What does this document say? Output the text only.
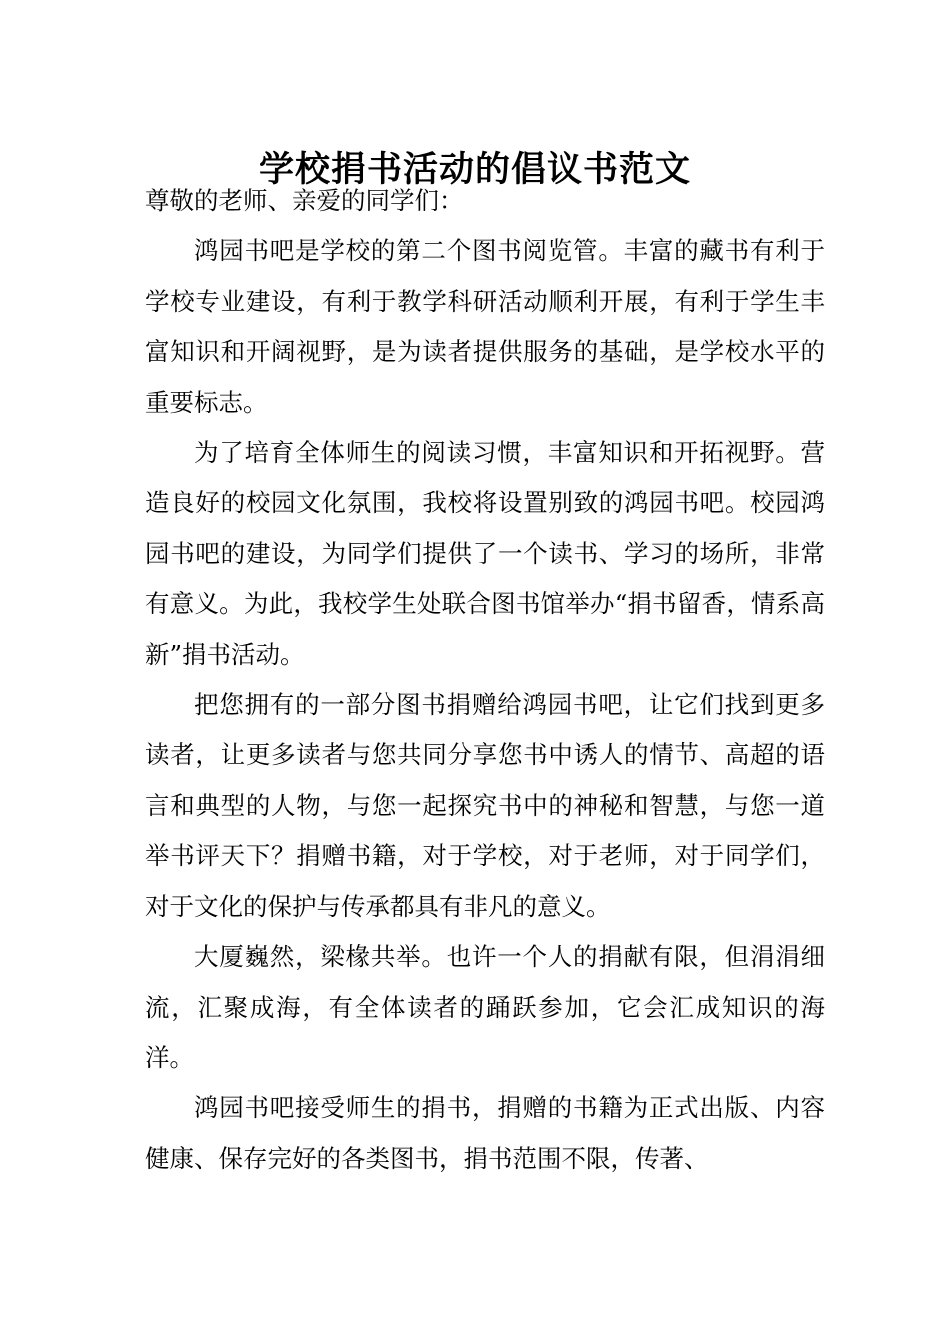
学校捐书活动的倡议书范文

尊敬的老师、亲爱的同学们：

鸿园书吧是学校的第二个图书阅览管。丰富的藏书有利于学校专业建设，有利于教学科研活动顺利开展，有利于学生丰富知识和开阔视野，是为读者提供服务的基础，是学校水平的重要标志。

为了培育全体师生的阅读习惯，丰富知识和开拓视野。营造良好的校园文化氛围，我校将设置别致的鸿园书吧。校园鸿园书吧的建设，为同学们提供了一个读书、学习的场所，非常有意义。为此，我校学生处联合图书馆举办“捐书留香，情系高新”捐书活动。

把您拥有的一部分图书捐赠给鸿园书吧，让它们找到更多读者，让更多读者与您共同分享您书中诱人的情节、高超的语言和典型的人物，与您一起探究书中的神秘和智慧，与您一道举书评天下？捐赠书籍，对于学校，对于老师，对于同学们，对于文化的保护与传承都具有非凡的意义。

大厦巍然，梁椽共举。也许一个人的捐献有限，但涓涓细流，汇聚成海，有全体读者的踊跃参加，它会汇成知识的海洋。

鸿园书吧接受师生的捐书，捐赠的书籍为正式出版、内容健康、保存完好的各类图书，捐书范围不限，传著、
